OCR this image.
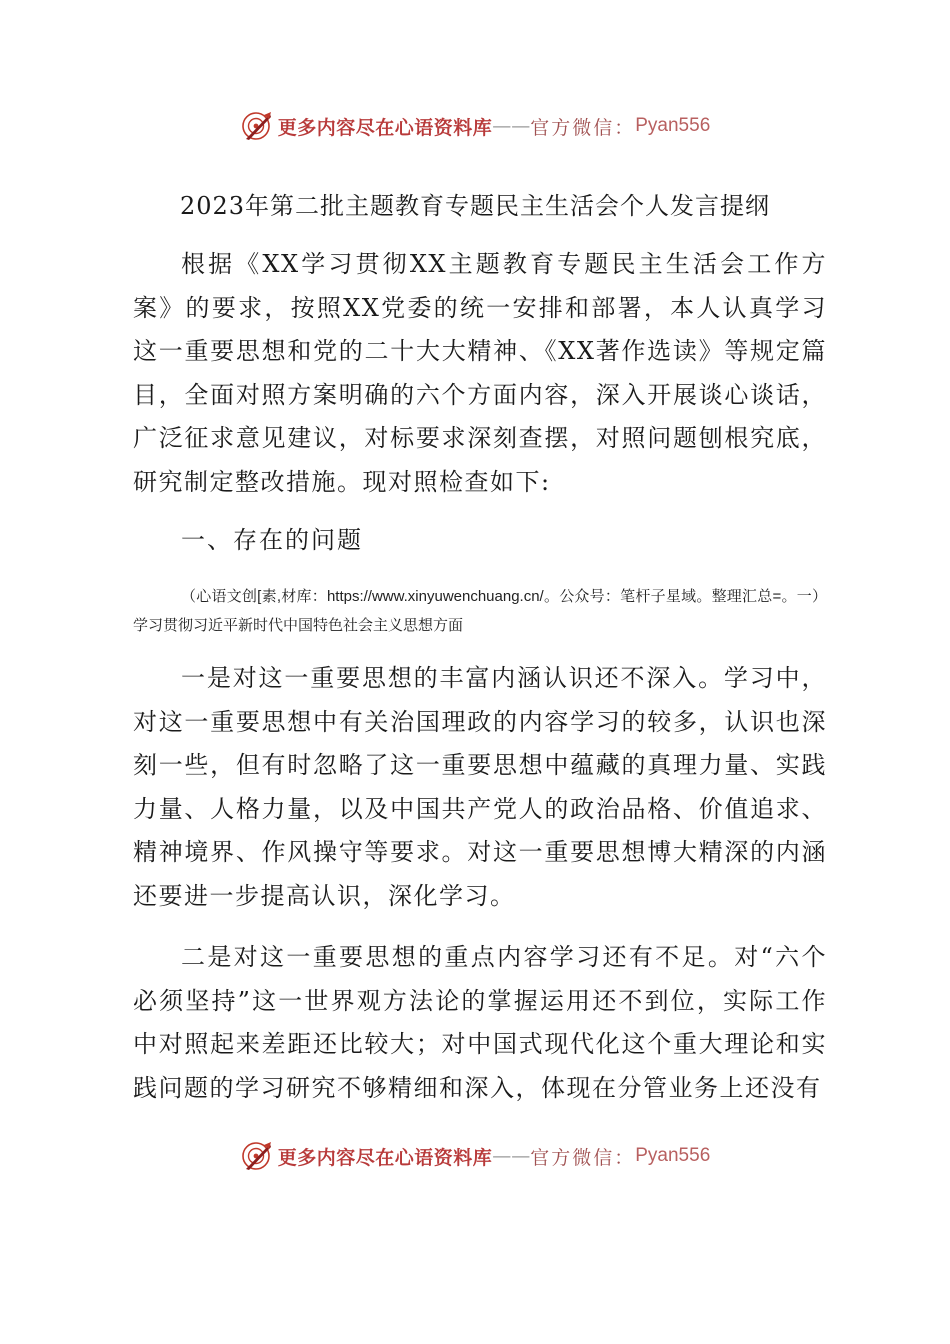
更多内容尽在心语资料库 —— 官方微信： Pyan556
2023年第二批主题教育专题民主生活会个人发言提纲

根据《XX学习贯彻XX主题教育专题民主生活会工作方案》的要求，按照XX党委的统一安排和部署，本人认真学习这一重要思想和党的二十大大精神、《XX著作选读》等规定篇目，全面对照方案明确的六个方面内容，深入开展谈心谈话，广泛征求意见建议，对标要求深刻查摆，对照问题刨根究底，研究制定整改措施。现对照检查如下:

一、存在的问题

（心语文创[素,材库：https://www.xinyuwenchuang.cn/。公众号：笔杆子星域。整理汇总=。一）学习贯彻习近平新时代中国特色社会主义思想方面

一是对这一重要思想的丰富内涵认识还不深入。学习中，对这一重要思想中有关治国理政的内容学习的较多，认识也深刻一些，但有时忽略了这一重要思想中蕴藏的真理力量、实践力量、人格力量，以及中国共产党人的政治品格、价值追求、精神境界、作风操守等要求。对这一重要思想博大精深的内涵还要进一步提高认识，深化学习。

二是对这一重要思想的重点内容学习还有不足。对“六个必须坚持”这一世界观方法论的掌握运用还不到位，实际工作中对照起来差距还比较大；对中国式现代化这个重大理论和实践问题的学习研究不够精细和深入，体现在分管业务上还没有

更多内容尽在心语资料库 —— 官方微信： Pyan556
